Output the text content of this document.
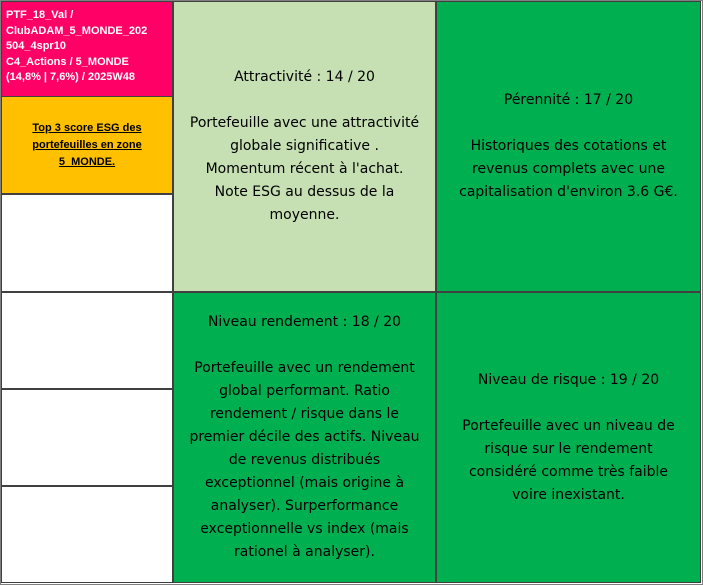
PTF_18_Val /
ClubADAM_5_MONDE_202
504_4spr10
C4_Actions / 5_MONDE
(14,8% | 7,6%) / 2025W48
Top 3 score ESG des
portefeuilles en zone
5_MONDE.
Attractivité : 14 / 20
Portefeuille avec une attractivité
globale significative .
Momentum récent à l'achat.
Note ESG au dessus de la
moyenne.
Pérennité : 17 / 20
Historiques des cotations et
revenus complets avec une
capitalisation d'environ 3.6 G€.
Niveau rendement : 18 / 20
Portefeuille avec un rendement
global performant. Ratio
rendement / risque dans le
premier décile des actifs. Niveau
de revenus distribués
exceptionnel (mais origine à
analyser). Surperformance
exceptionnelle vs index (mais
rationel à analyser).
Niveau de risque : 19 / 20
Portefeuille avec un niveau de
risque sur le rendement
considéré comme très faible
voire inexistant.
